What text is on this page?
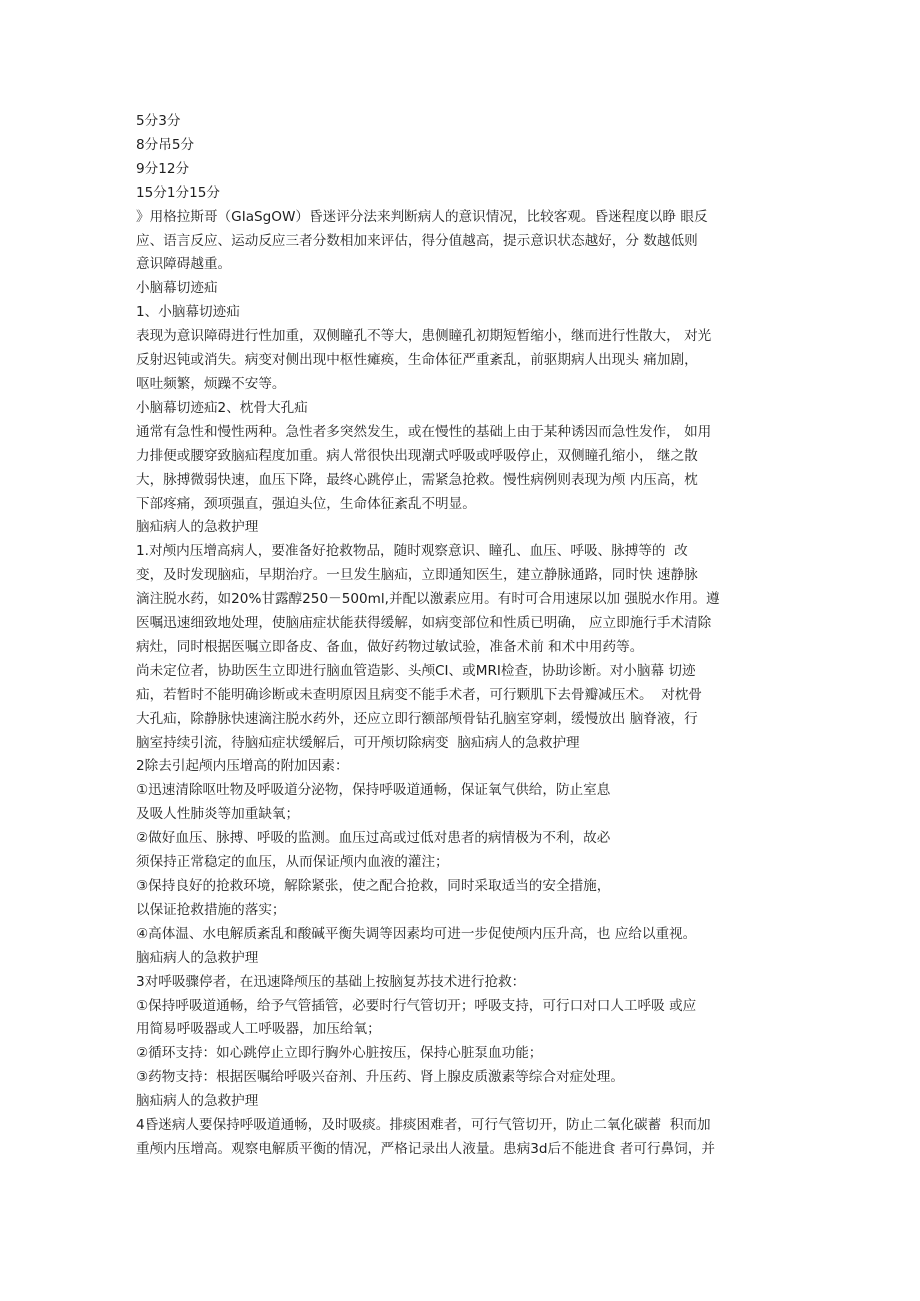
5分3分

8分吊5分

9分12分

15分1分15分

》用格拉斯哥（GIaSgOW）昏迷评分法来判断病人的意识情况，比较客观。昏迷程度以睁 眼反

应、语言反应、运动反应三者分数相加来评估，得分值越高，提示意识状态越好，分 数越低则

意识障碍越重。

小脑幕切迹疝

1、小脑幕切迹疝

表现为意识障碍进行性加重，双侧瞳孔不等大，患侧瞳孔初期短暂缩小，继而进行性散大， 对光

反射迟钝或消失。病变对侧出现中枢性瘫痪，生命体征严重紊乱，前驱期病人出现头 痛加剧，

呕吐频繁，烦躁不安等。

小脑幕切迹疝2、枕骨大孔疝

通常有急性和慢性两种。急性者多突然发生，或在慢性的基础上由于某种诱因而急性发作， 如用

力排便或腰穿致脑疝程度加重。病人常很快出现潮式呼吸或呼吸停止，双侧瞳孔缩小， 继之散

大，脉搏微弱快速，血压下降，最终心跳停止，需紧急抢救。慢性病例则表现为颅 内压高，枕

下部疼痛，颈项强直，强迫头位，生命体征紊乱不明显。

脑疝病人的急救护理

1.对颅内压增高病人，要准备好抢救物品，随时观察意识、瞳孔、血压、呼吸、脉搏等的  改

变，及时发现脑疝，早期治疗。一旦发生脑疝，立即通知医生，建立静脉通路，同时快 速静脉

滴注脱水药，如20%甘露醇250－500ml,并配以激素应用。有时可合用速尿以加 强脱水作用。遵

医嘱迅速细致地处理，使脑庙症状能获得缓解，如病变部位和性质已明确， 应立即施行手术清除

病灶，同时根据医嘱立即备皮、备血，做好药物过敏试验，准备术前 和术中用药等。

尚未定位者，协助医生立即进行脑血管造影、头颅CI、或MRI检查，协助诊断。对小脑幕 切迹

疝，若暂时不能明确诊断或未查明原因且病变不能手术者，可行颗肌下去骨瓣减压术。  对枕骨

大孔疝，除静脉快速滴注脱水药外，还应立即行额部颅骨钻孔脑室穿刺，缓慢放出 脑脊液，行

脑室持续引流，待脑疝症状缓解后，可开颅切除病变  脑疝病人的急救护理

2除去引起颅内压增高的附加因素：

①迅速清除呕吐物及呼吸道分泌物，保持呼吸道通畅，保证氧气供给，防止室息

及吸人性肺炎等加重缺氧；

②做好血压、脉搏、呼吸的监测。血压过高或过低对患者的病情极为不利，故必

须保持正常稳定的血压，从而保证颅内血液的灌注；

③保持良好的抢救环境，解除紧张，使之配合抢救，同时采取适当的安全措施，

以保证抢救措施的落实；

④高体温、水电解质紊乱和酸碱平衡失调等因素均可进一步促使颅内压升高，也 应给以重视。

脑疝病人的急救护理

3对呼吸骤停者，在迅速降颅压的基础上按脑复苏技术进行抢救：

①保持呼吸道通畅，给予气管插管，必要时行气管切开；呼吸支持，可行口对口人工呼吸 或应

用简易呼吸器或人工呼吸器，加压给氧；

②循环支持：如心跳停止立即行胸外心脏按压，保持心脏泵血功能；

③药物支持：根据医嘱给呼吸兴奋剂、升压药、肾上腺皮质激素等综合对症处理。

脑疝病人的急救护理

4昏迷病人要保持呼吸道通畅，及时吸痰。排痰困难者，可行气管切开，防止二氧化碳蓄  积而加

重颅内压增高。观察电解质平衡的情况，严格记录出人液量。患病3d后不能进食 者可行鼻饲，并
